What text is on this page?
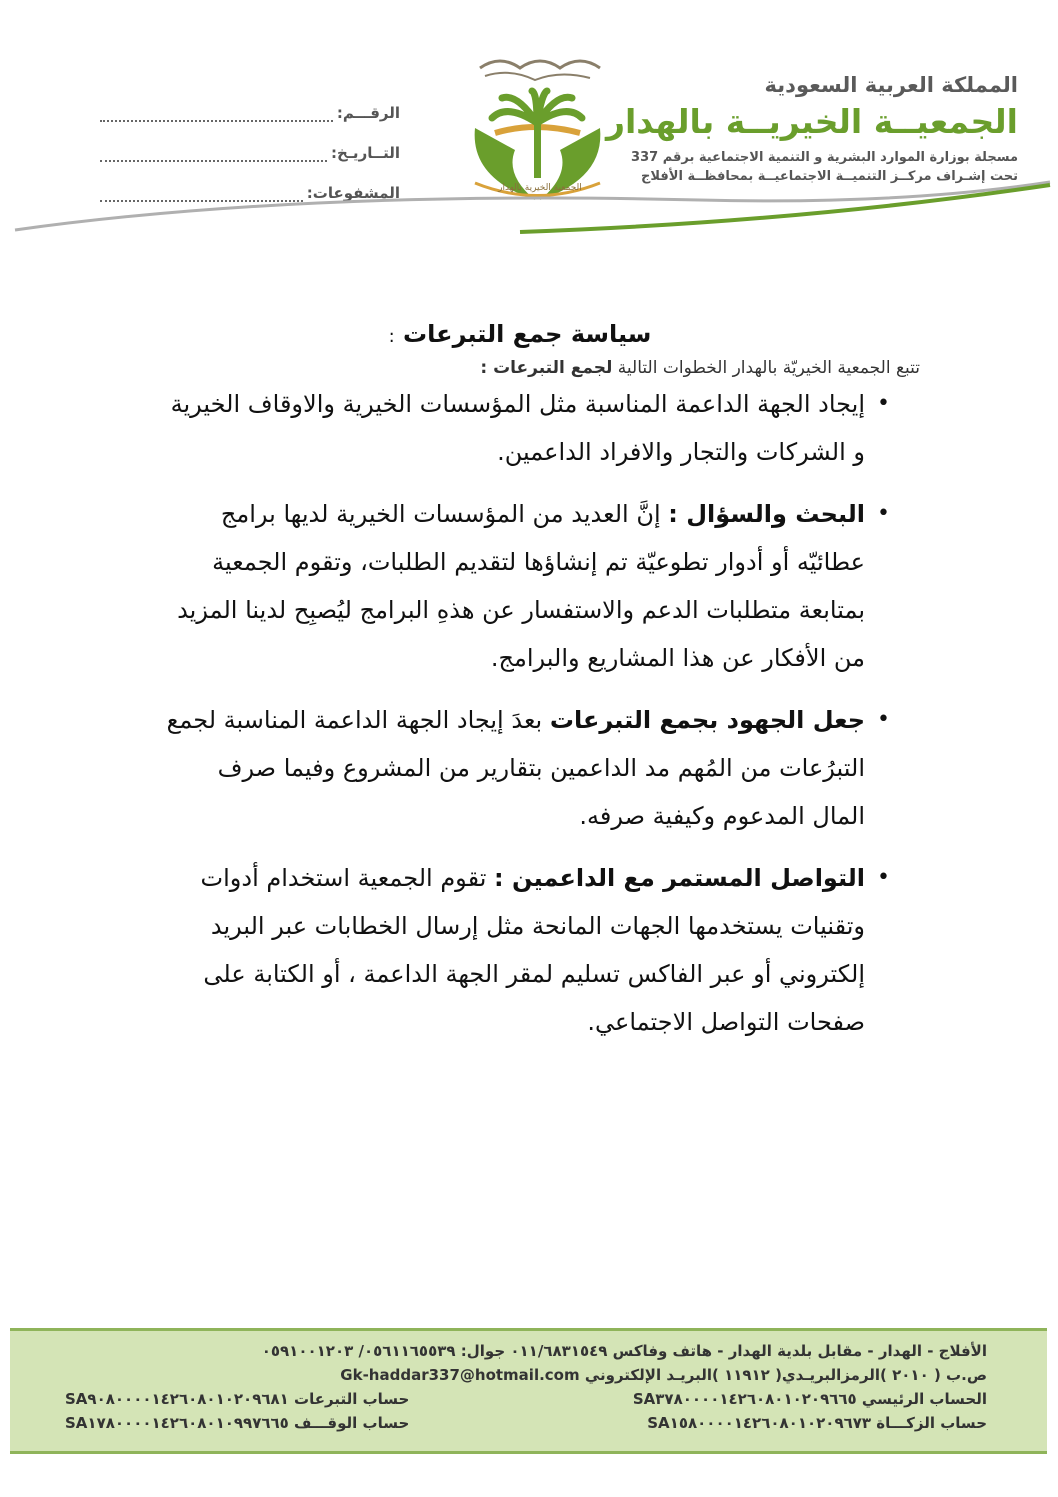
المملكة العربية السعودية

الجمعيــة الخيريــة بالهدار

مسجلة بوزارة الموارد البشرية و التنمية الاجتماعية برقم 337

تحت إشـراف مركــز التنميــة الاجتماعيــة بمحافظــة الأفلاج

الجمعية الخيرية بالهدار
الرقـــم:
التــاريـخ:
المشفوعات:
سياسة جمع التبرعات :

تتبع الجمعية الخيريّة بالهدار الخطوات التالية لجمع التبرعات :

•
إيجاد الجهة الداعمة المناسبة مثل المؤسسات الخيرية والاوقاف الخيرية و الشركات والتجار والافراد الداعمين.
•
البحث والسؤال : إنَّ العديد من المؤسسات الخيرية لديها برامج عطائيّه أو أدوار تطوعيّة تم إنشاؤها لتقديم الطلبات، وتقوم الجمعية بمتابعة متطلبات الدعم والاستفسار عن هذهِ البرامج ليُصبِح لدينا المزيد من الأفكار عن هذا المشاريع والبرامج.
•
جعل الجهود بجمع التبرعات بعدَ إيجاد الجهة الداعمة المناسبة لجمع التبرُعات من المُهم مد الداعمين بتقارير من المشروع وفيما صرف المال المدعوم وكيفية صرفه.
•
التواصل المستمر مع الداعمين : تقوم الجمعية استخدام أدوات وتقنيات يستخدمها الجهات المانحة مثل إرسال الخطابات عبر البريد إلكتروني أو عبر الفاكس تسليم لمقر الجهة الداعمة ، أو الكتابة على صفحات التواصل الاجتماعي.
الأفلاج - الهدار - مقابل بلدية الهدار - هاتف وفاكس ٠١١/٦٨٣١٥٤٩ جوال: ٠٥٦١١٦٥٥٣٩/ ٠٥٩١٠٠١٢٠٣
ص.ب ( ٢٠١٠ )الرمزالبريـدي( ١١٩١٢ )البريـد الإلكتروني Gk-haddar337@hotmail.com
الحساب الرئيسي SA٣٧٨٠٠٠٠١٤٢٦٠٨٠١٠٢٠٩٦٦٥
حساب التبرعات SA٩٠٨٠٠٠٠١٤٢٦٠٨٠١٠٢٠٩٦٨١
حساب الزكـــاة SA١٥٨٠٠٠٠١٤٢٦٠٨٠١٠٢٠٩٦٧٣
حساب الوقـــف SA١٧٨٠٠٠٠١٤٢٦٠٨٠١٠٩٩٧٦٦٥
